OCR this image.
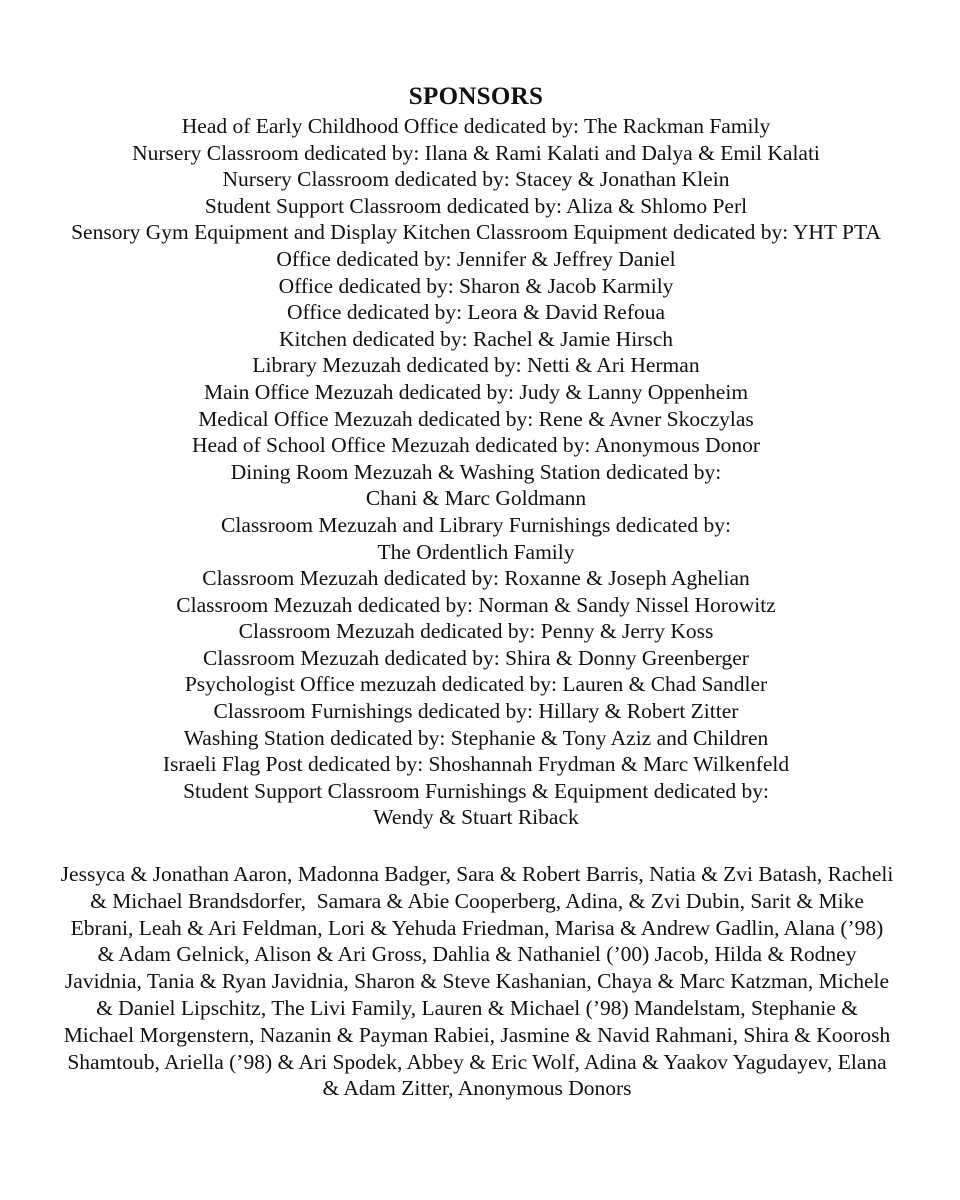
SPONSORS
Head of Early Childhood Office dedicated by: The Rackman Family
Nursery Classroom dedicated by: Ilana & Rami Kalati and Dalya & Emil Kalati
Nursery Classroom dedicated by: Stacey & Jonathan Klein
Student Support Classroom dedicated by: Aliza & Shlomo Perl
Sensory Gym Equipment and Display Kitchen Classroom Equipment dedicated by: YHT PTA
Office dedicated by: Jennifer & Jeffrey Daniel
Office dedicated by: Sharon & Jacob Karmily
Office dedicated by: Leora & David Refoua
Kitchen dedicated by: Rachel & Jamie Hirsch
Library Mezuzah dedicated by: Netti & Ari Herman
Main Office Mezuzah dedicated by: Judy & Lanny Oppenheim
Medical Office Mezuzah dedicated by: Rene & Avner Skoczylas
Head of School Office Mezuzah dedicated by: Anonymous Donor
Dining Room Mezuzah & Washing Station dedicated by:
Chani & Marc Goldmann
Classroom Mezuzah and Library Furnishings dedicated by:
The Ordentlich Family
Classroom Mezuzah dedicated by: Roxanne & Joseph Aghelian
Classroom Mezuzah dedicated by: Norman & Sandy Nissel Horowitz
Classroom Mezuzah dedicated by: Penny & Jerry Koss
Classroom Mezuzah dedicated by: Shira & Donny Greenberger
Psychologist Office mezuzah dedicated by: Lauren & Chad Sandler
Classroom Furnishings dedicated by: Hillary & Robert Zitter
Washing Station dedicated by: Stephanie & Tony Aziz and Children
Israeli Flag Post dedicated by: Shoshannah Frydman & Marc Wilkenfeld
Student Support Classroom Furnishings & Equipment dedicated by:
Wendy & Stuart Riback
Jessyca & Jonathan Aaron, Madonna Badger, Sara & Robert Barris, Natia & Zvi Batash, Racheli
& Michael Brandsdorfer,  Samara & Abie Cooperberg, Adina, & Zvi Dubin, Sarit & Mike
Ebrani, Leah & Ari Feldman, Lori & Yehuda Friedman, Marisa & Andrew Gadlin, Alana (’98)
& Adam Gelnick, Alison & Ari Gross, Dahlia & Nathaniel (’00) Jacob, Hilda & Rodney
Javidnia, Tania & Ryan Javidnia, Sharon & Steve Kashanian, Chaya & Marc Katzman, Michele
& Daniel Lipschitz, The Livi Family, Lauren & Michael (’98) Mandelstam, Stephanie &
Michael Morgenstern, Nazanin & Payman Rabiei, Jasmine & Navid Rahmani, Shira & Koorosh
Shamtoub, Ariella (’98) & Ari Spodek, Abbey & Eric Wolf, Adina & Yaakov Yagudayev, Elana
& Adam Zitter, Anonymous Donors
